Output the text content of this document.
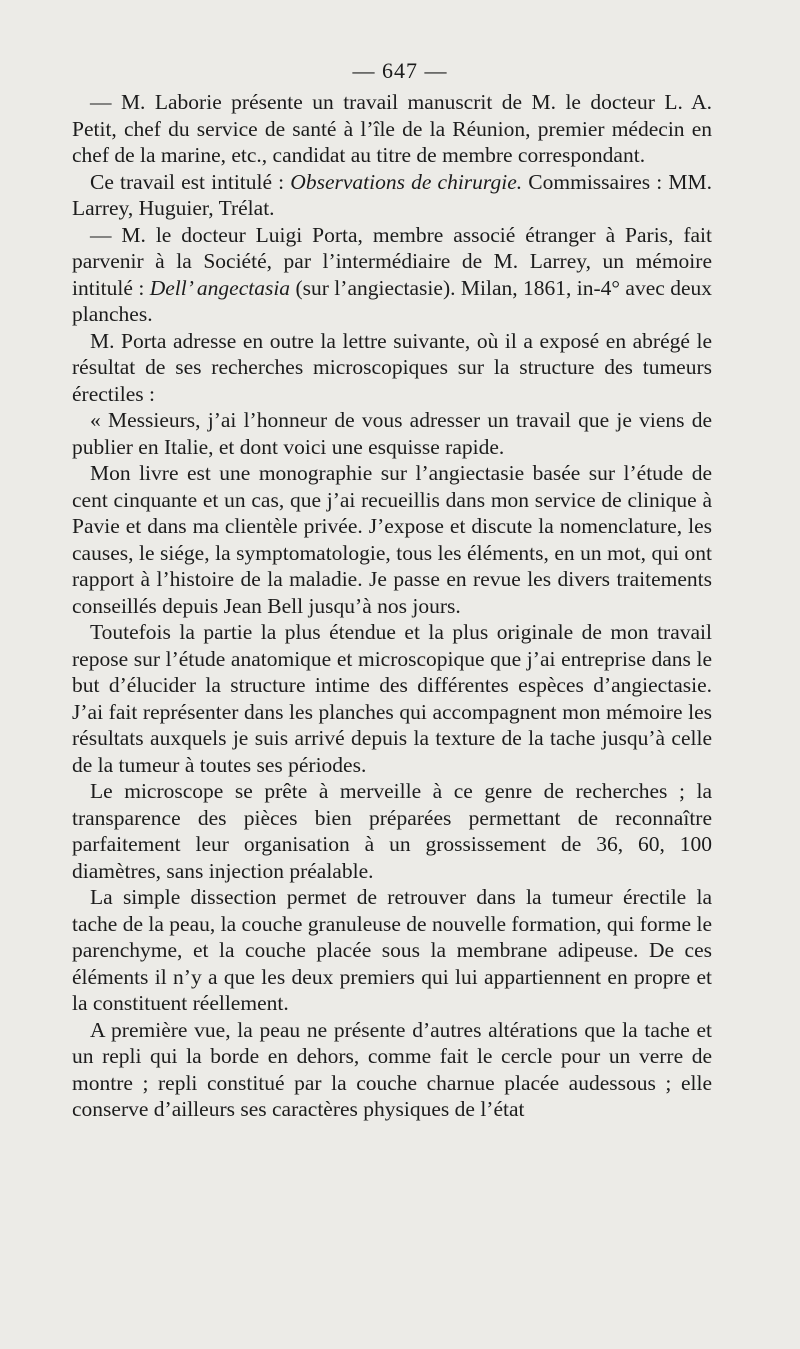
— 647 —

— M. Laborie présente un travail manuscrit de M. le docteur L. A. Petit, chef du service de santé à l’île de la Réunion, premier médecin en chef de la marine, etc., candidat au titre de membre correspondant.

Ce travail est intitulé : Observations de chirurgie. Commissaires : MM. Larrey, Huguier, Trélat.

— M. le docteur Luigi Porta, membre associé étranger à Paris, fait parvenir à la Société, par l’intermédiaire de M. Larrey, un mémoire intitulé : Dell’ angectasia (sur l’angiectasie). Milan, 1861, in-4° avec deux planches.

M. Porta adresse en outre la lettre suivante, où il a exposé en abrégé le résultat de ses recherches microscopiques sur la structure des tumeurs érectiles :

« Messieurs, j’ai l’honneur de vous adresser un travail que je viens de publier en Italie, et dont voici une esquisse rapide.

Mon livre est une monographie sur l’angiectasie basée sur l’étude de cent cinquante et un cas, que j’ai recueillis dans mon service de clinique à Pavie et dans ma clientèle privée. J’expose et discute la nomenclature, les causes, le siége, la symptomatologie, tous les éléments, en un mot, qui ont rapport à l’histoire de la maladie. Je passe en revue les divers traitements conseillés depuis Jean Bell jusqu’à nos jours.

Toutefois la partie la plus étendue et la plus originale de mon travail repose sur l’étude anatomique et microscopique que j’ai entreprise dans le but d’élucider la structure intime des différentes espèces d’angiectasie. J’ai fait représenter dans les planches qui accompagnent mon mémoire les résultats auxquels je suis arrivé depuis la texture de la tache jusqu’à celle de la tumeur à toutes ses périodes.

Le microscope se prête à merveille à ce genre de recherches ; la transparence des pièces bien préparées permettant de reconnaître parfaitement leur organisation à un grossissement de 36, 60, 100 diamètres, sans injection préalable.

La simple dissection permet de retrouver dans la tumeur érectile la tache de la peau, la couche granuleuse de nouvelle formation, qui forme le parenchyme, et la couche placée sous la membrane adipeuse. De ces éléments il n’y a que les deux premiers qui lui appartiennent en propre et la constituent réellement.

A première vue, la peau ne présente d’autres altérations que la tache et un repli qui la borde en dehors, comme fait le cercle pour un verre de montre ; repli constitué par la couche charnue placée audessous ; elle conserve d’ailleurs ses caractères physiques de l’état
